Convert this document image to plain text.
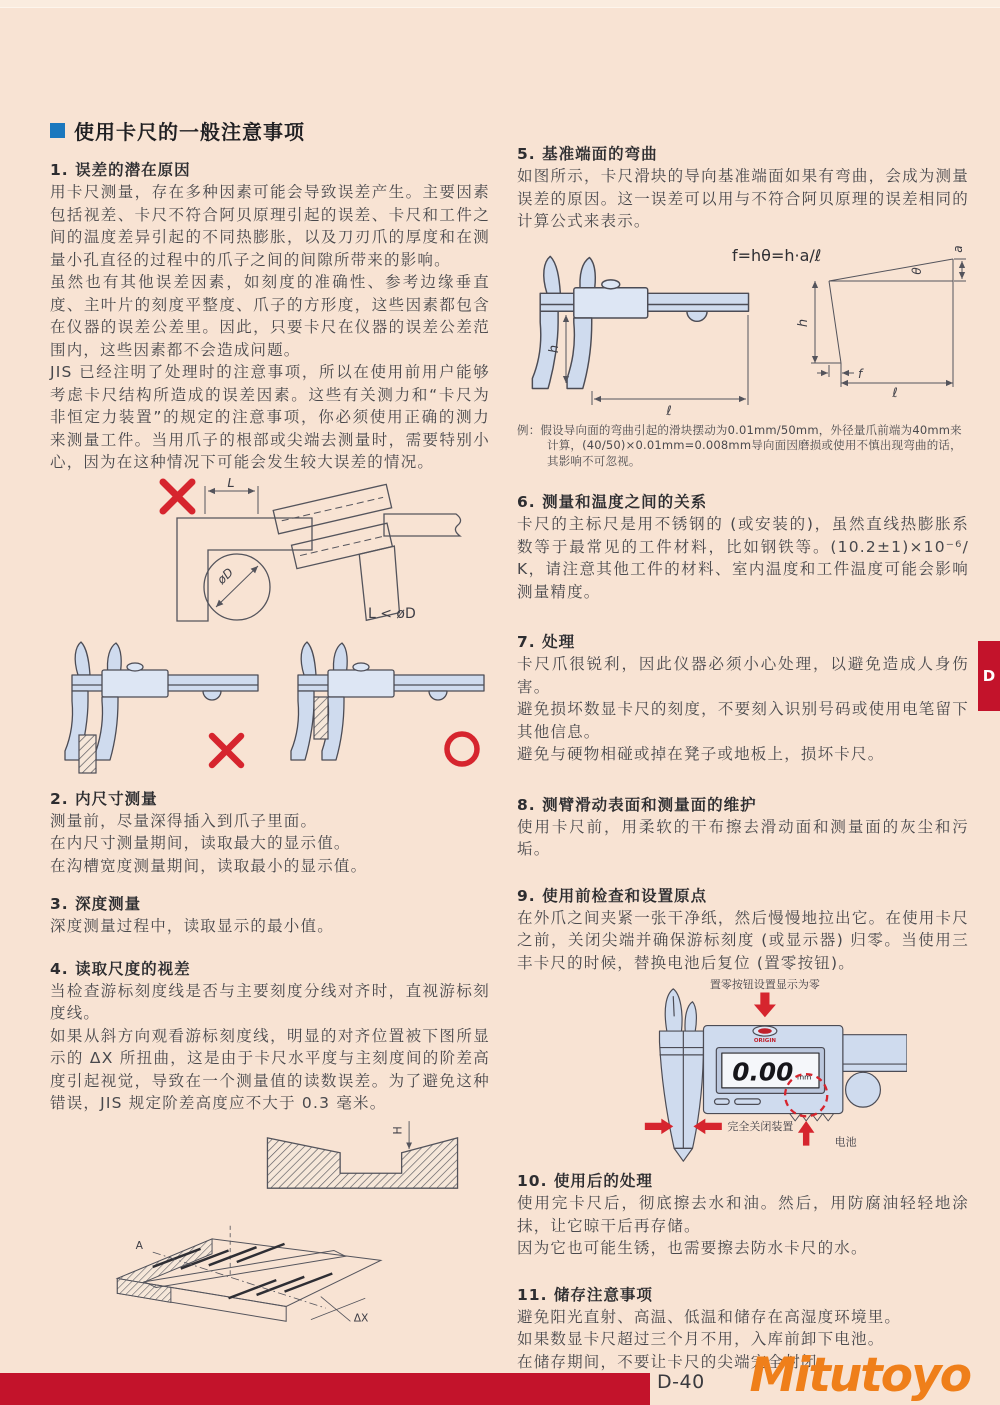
使用卡尺的一般注意事项
1. 误差的潜在原因

用卡尺测量，存在多种因素可能会导致误差产生。主要因素包括视差、卡尺不符合阿贝原理引起的误差、卡尺和工件之间的温度差异引起的不同热膨胀，以及刀刃爪的厚度和在测量小孔直径的过程中的爪子之间的间隙所带来的影响。

虽然也有其他误差因素，如刻度的准确性、参考边缘垂直度、主叶片的刻度平整度、爪子的方形度，这些因素都包含在仪器的误差公差里。因此，只要卡尺在仪器的误差公差范围内，这些因素都不会造成问题。

JIS 已经注明了处理时的注意事项，所以在使用前用户能够考虑卡尺结构所造成的误差因素。这些有关测力和“卡尺为非恒定力装置”的规定的注意事项，你必须使用正确的测力来测量工件。当用爪子的根部或尖端去测量时，需要特别小心，因为在这种情况下可能会发生较大误差的情况。

L
øD
L < øD
2. 内尺寸测量

测量前，尽量深得插入到爪子里面。

在内尺寸测量期间，读取最大的显示值。

在沟槽宽度测量期间，读取最小的显示值。

3. 深度测量

深度测量过程中，读取显示的最小值。

4. 读取尺度的视差

当检查游标刻度线是否与主要刻度分线对齐时，直视游标刻度线。

如果从斜方向观看游标刻度线，明显的对齐位置被下图所显示的 ΔX 所扭曲，这是由于卡尺水平度与主刻度间的阶差高度引起视觉，导致在一个测量值的读数误差。为了避免这种错误，JIS 规定阶差高度应不大于 0.3 毫米。

H
A
ΔX
5. 基准端面的弯曲

如图所示，卡尺滑块的导向基准端面如果有弯曲，会成为测量误差的原因。这一误差可以用与不符合阿贝原理的误差相同的计算公式来表示。

f=hθ=h·a/ℓ
h
ℓ
θ
a
h
f
ℓ

例：假设导向面的弯曲引起的滑块摆动为0.01mm/50mm，外径量爪前端为40mm来计算，(40/50)×0.01mm=0.008mm导向面因磨损或使用不慎出现弯曲的话，其影响不可忽视。

6. 测量和温度之间的关系

卡尺的主标尺是用不锈钢的 (或安装的)，虽然直线热膨胀系数等于最常见的工件材料，比如钢铁等。(10.2±1)×10⁻⁶/ K，请注意其他工件的材料、室内温度和工件温度可能会影响测量精度。

7. 处理

卡尺爪很锐利，因此仪器必须小心处理，以避免造成人身伤害。

避免损坏数显卡尺的刻度，不要刻入识别号码或使用电笔留下其他信息。

避免与硬物相碰或掉在凳子或地板上，损坏卡尺。

8. 测臂滑动表面和测量面的维护

使用卡尺前，用柔软的干布擦去滑动面和测量面的灰尘和污垢。

9. 使用前检查和设置原点

在外爪之间夹紧一张干净纸，然后慢慢地拉出它。在使用卡尺之前，关闭尖端并确保游标刻度 (或显示器) 归零。当使用三丰卡尺的时候，替换电池后复位 (置零按钮)。

置零按钮设置显示为零
ORIGIN
0.00 mm
完全关闭装置
电池
10. 使用后的处理

使用完卡尺后，彻底擦去水和油。然后，用防腐油轻轻地涂抹，让它晾干后再存储。

因为它也可能生锈，也需要擦去防水卡尺的水。

11. 储存注意事项

避免阳光直射、高温、低温和储存在高湿度环境里。

如果数显卡尺超过三个月不用，入库前卸下电池。

在储存期间，不要让卡尺的尖端完全封闭。

D
D-40 Mitutoyo
